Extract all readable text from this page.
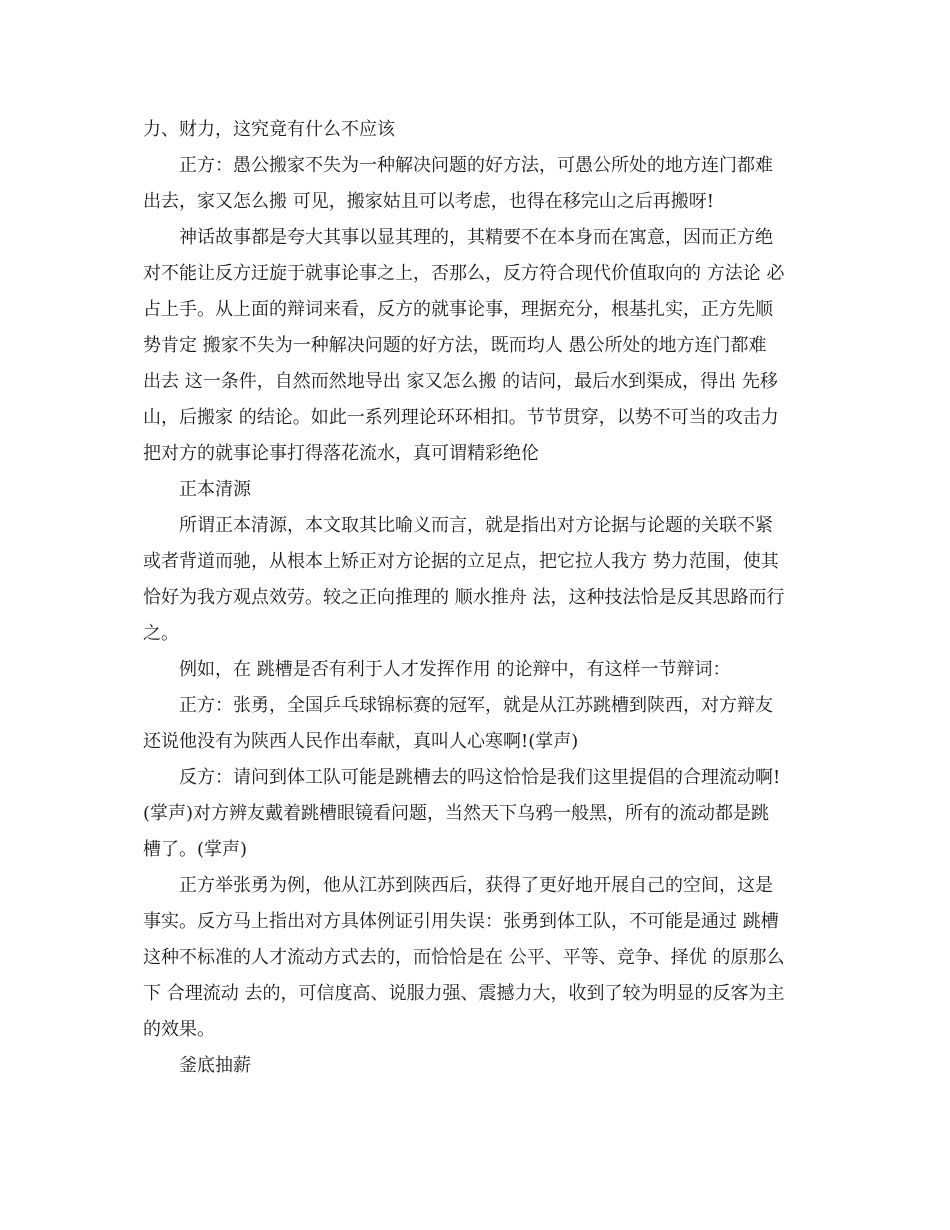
力、财力，这究竟有什么不应该
正方：愚公搬家不失为一种解决问题的好方法，可愚公所处的地方连门都难
出去，家又怎么搬 可见，搬家姑且可以考虑，也得在移完山之后再搬呀!
神话故事都是夸大其事以显其理的，其精要不在本身而在寓意，因而正方绝
对不能让反方迂旋于就事论事之上，否那么，反方符合现代价值取向的 方法论 必
占上手。从上面的辩词来看，反方的就事论事，理据充分，根基扎实，正方先顺
势肯定 搬家不失为一种解决问题的好方法，既而均人 愚公所处的地方连门都难
出去 这一条件，自然而然地导出 家又怎么搬 的诘问，最后水到渠成，得出 先移
山，后搬家 的结论。如此一系列理论环环相扣。节节贯穿，以势不可当的攻击力
把对方的就事论事打得落花流水，真可谓精彩绝伦
正本清源
所谓正本清源，本文取其比喻义而言，就是指出对方论据与论题的关联不紧
或者背道而驰，从根本上矫正对方论据的立足点，把它拉人我方 势力范围，使其
恰好为我方观点效劳。较之正向推理的 顺水推舟 法，这种技法恰是反其思路而行
之。
例如，在 跳槽是否有利于人才发挥作用 的论辩中，有这样一节辩词：
正方：张勇，全国乒乓球锦标赛的冠军，就是从江苏跳槽到陕西，对方辩友
还说他没有为陕西人民作出奉献，真叫人心寒啊!(掌声)
反方：请问到体工队可能是跳槽去的吗这恰恰是我们这里提倡的合理流动啊!
(掌声)对方辨友戴着跳槽眼镜看问题，当然天下乌鸦一般黑，所有的流动都是跳
槽了。(掌声)
正方举张勇为例，他从江苏到陕西后，获得了更好地开展自己的空间，这是
事实。反方马上指出对方具体例证引用失误：张勇到体工队，不可能是通过 跳槽
这种不标准的人才流动方式去的，而恰恰是在 公平、平等、竞争、择优 的原那么
下 合理流动 去的，可信度高、说服力强、震撼力大，收到了较为明显的反客为主
的效果。
釜底抽薪
